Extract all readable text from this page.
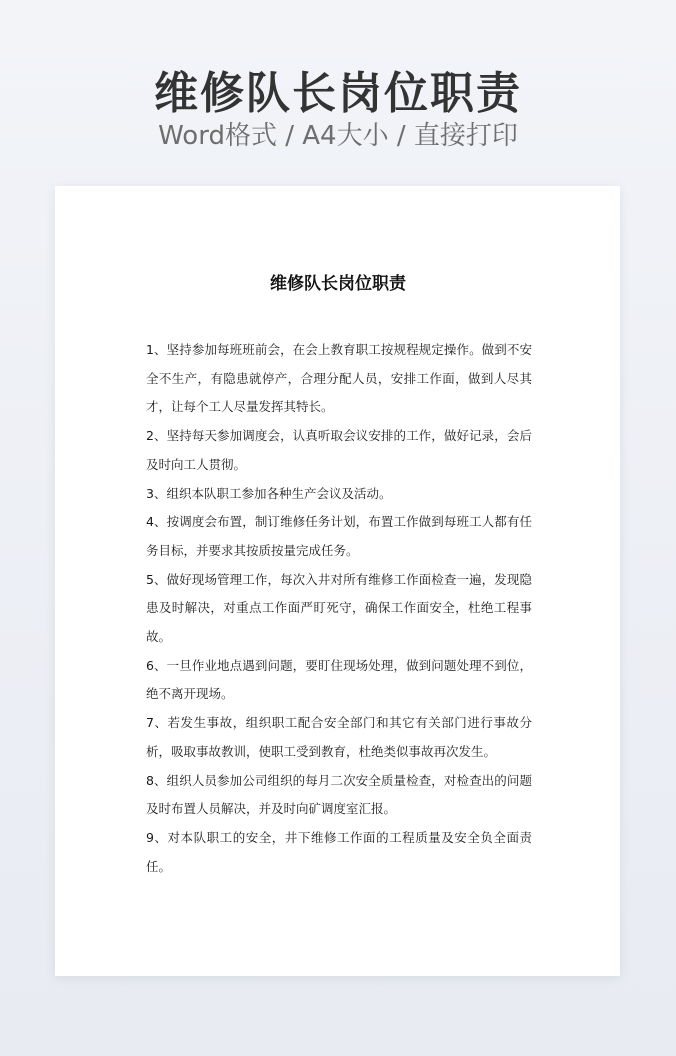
维修队长岗位职责
Word格式 / A4大小 / 直接打印
维修队长岗位职责

1、坚持参加每班班前会，在会上教育职工按规程规定操作。做到不安全不生产，有隐患就停产，合理分配人员，安排工作面，做到人尽其才，让每个工人尽量发挥其特长。

2、坚持每天参加调度会，认真听取会议安排的工作，做好记录，会后及时向工人贯彻。

3、组织本队职工参加各种生产会议及活动。

4、按调度会布置，制订维修任务计划，布置工作做到每班工人都有任务目标，并要求其按质按量完成任务。

5、做好现场管理工作，每次入井对所有维修工作面检查一遍，发现隐患及时解决，对重点工作面严盯死守，确保工作面安全，杜绝工程事故。

6、一旦作业地点遇到问题，要盯住现场处理，做到问题处理不到位，绝不离开现场。

7、若发生事故，组织职工配合安全部门和其它有关部门进行事故分析，吸取事故教训，使职工受到教育，杜绝类似事故再次发生。

8、组织人员参加公司组织的每月二次安全质量检查，对检查出的问题及时布置人员解决，并及时向矿调度室汇报。

9、对本队职工的安全，井下维修工作面的工程质量及安全负全面责任。
